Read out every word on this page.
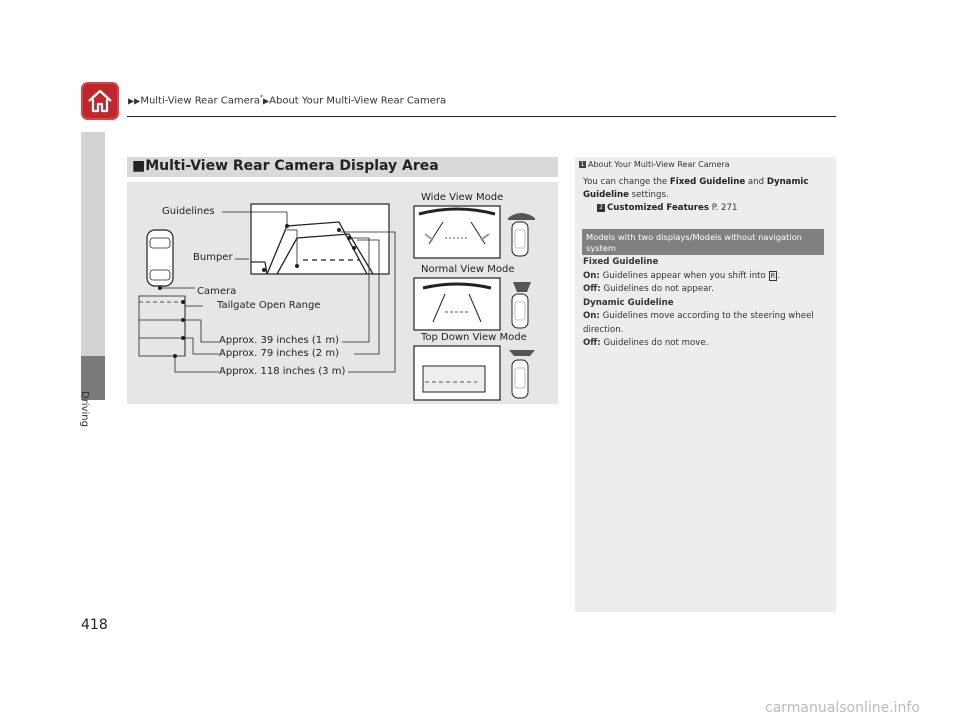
▶▶Multi-View Rear Camera*▶About Your Multi-View Rear Camera
Driving
418
■Multi-View Rear Camera Display Area
Guidelines
Bumper
Camera
Tailgate Open Range
Approx. 39 inches (1 m)
Approx. 79 inches (2 m)
Approx. 118 inches (3 m)
Wide View Mode
Normal View Mode
Top Down View Mode
1 About Your Multi-View Rear Camera
You can change the Fixed Guideline and Dynamic Guideline settings.
2 Customized Features P. 271
Models with two displays/Models without navigation system
Fixed Guideline
On: Guidelines appear when you shift into R .
Off: Guidelines do not appear.
Dynamic Guideline
On: Guidelines move according to the steering wheel direction.
Off: Guidelines do not move.
carmanualsonline.info
